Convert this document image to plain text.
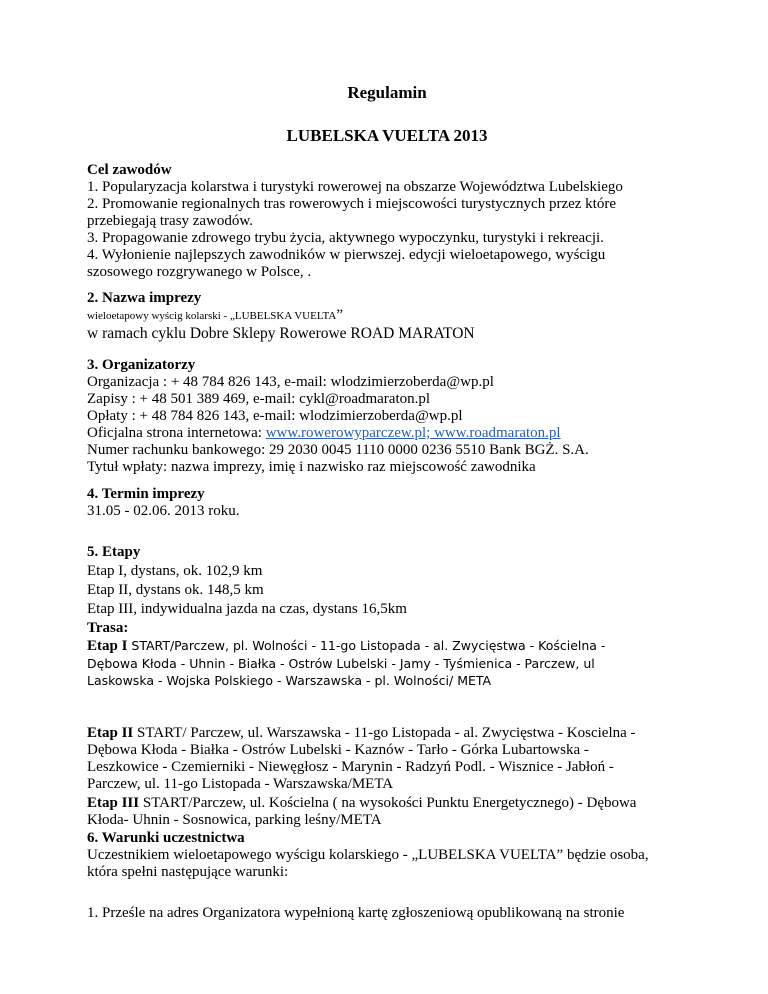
Regulamin
LUBELSKA VUELTA 2013
Cel zawodów
1. Popularyzacja kolarstwa i turystyki rowerowej na obszarze Województwa Lubelskiego
2. Promowanie regionalnych tras rowerowych i miejscowości turystycznych przez które
przebiegają trasy zawodów.
3. Propagowanie zdrowego trybu życia, aktywnego wypoczynku, turystyki i rekreacji.
4. Wyłonienie najlepszych zawodników w pierwszej. edycji wieloetapowego, wyścigu
szosowego rozgrywanego w Polsce, .
2. Nazwa imprezy
wieloetapowy wyścig kolarski - „LUBELSKA VUELTA”
w ramach cyklu Dobre Sklepy Rowerowe ROAD MARATON
3. Organizatorzy
Organizacja : + 48 784 826 143, e-mail: wlodzimierzoberda@wp.pl
Zapisy : + 48 501 389 469, e-mail: cykl@roadmaraton.pl
Opłaty : + 48 784 826 143, e-mail: wlodzimierzoberda@wp.pl
Oficjalna strona internetowa: www.rowerowyparczew.pl; www.roadmaraton.pl
Numer rachunku bankowego: 29 2030 0045 1110 0000 0236 5510 Bank BGŻ. S.A.
Tytuł wpłaty: nazwa imprezy, imię i nazwisko raz miejscowość zawodnika
4. Termin imprezy
31.05 - 02.06. 2013 roku.
5. Etapy
Etap I, dystans, ok. 102,9 km
Etap II, dystans ok. 148,5 km
Etap III, indywidualna jazda na czas, dystans 16,5km
Trasa:
Etap I START/Parczew, pl. Wolności - 11-go Listopada - al. Zwycięstwa - Kościelna -
Dębowa Kłoda - Uhnin - Białka - Ostrów Lubelski - Jamy - Tyśmienica - Parczew, ul
Laskowska - Wojska Polskiego - Warszawska - pl. Wolności/ META
Etap II START/ Parczew, ul. Warszawska - 11-go Listopada - al. Zwycięstwa - Koscielna -
Dębowa Kłoda - Białka - Ostrów Lubelski - Kaznów - Tarło - Górka Lubartowska -
Leszkowice - Czemierniki - Niewęgłosz - Marynin - Radzyń Podl. - Wisznice - Jabłoń -
Parczew, ul. 11-go Listopada - Warszawska/META
Etap III START/Parczew, ul. Kościelna ( na wysokości Punktu Energetycznego) - Dębowa
Kłoda- Uhnin - Sosnowica, parking leśny/META
6. Warunki uczestnictwa
Uczestnikiem wieloetapowego wyścigu kolarskiego - „LUBELSKA VUELTA” będzie osoba,
która spełni następujące warunki:
1. Prześle na adres Organizatora wypełnioną kartę zgłoszeniową opublikowaną na stronie
